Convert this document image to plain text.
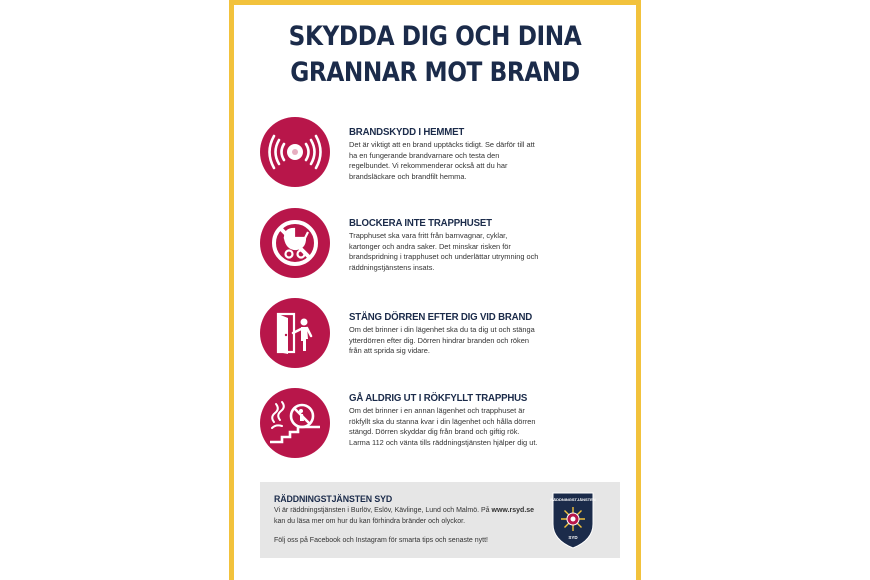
SKYDDA DIG OCH DINA
GRANNAR MOT BRAND
BRANDSKYDD I HEMMET

Det är viktigt att en brand upptäcks tidigt. Se därför till att ha en fungerande brandvarnare och testa den regelbundet. Vi rekommenderar också att du har brandsläckare och brandfilt hemma.

BLOCKERA INTE TRAPPHUSET

Trapphuset ska vara fritt från barnvagnar, cyklar, kartonger och andra saker. Det minskar risken för brandspridning i trapphuset och underlättar utrymning och räddningstjänstens insats.

STÄNG DÖRREN EFTER DIG VID BRAND

Om det brinner i din lägenhet ska du ta dig ut och stänga ytterdörren efter dig. Dörren hindrar branden och röken från att sprida sig vidare.

GÅ ALDRIG UT I RÖKFYLLT TRAPPHUS

Om det brinner i en annan lägenhet och trapphuset är rökfyllt ska du stanna kvar i din lägenhet och hålla dörren stängd. Dörren skyddar dig från brand och giftig rök. Larma 112 och vänta tills räddningstjänsten hjälper dig ut.

RÄDDNINGSTJÄNSTEN SYD
Vi är räddningstjänsten i Burlöv, Eslöv, Kävlinge, Lund och Malmö. På www.rsyd.se kan du läsa mer om hur du kan förhindra bränder och olyckor.
Följ oss på Facebook och Instagram för smarta tips och senaste nytt!
RÄDDNINGSTJÄNSTEN
SYD
